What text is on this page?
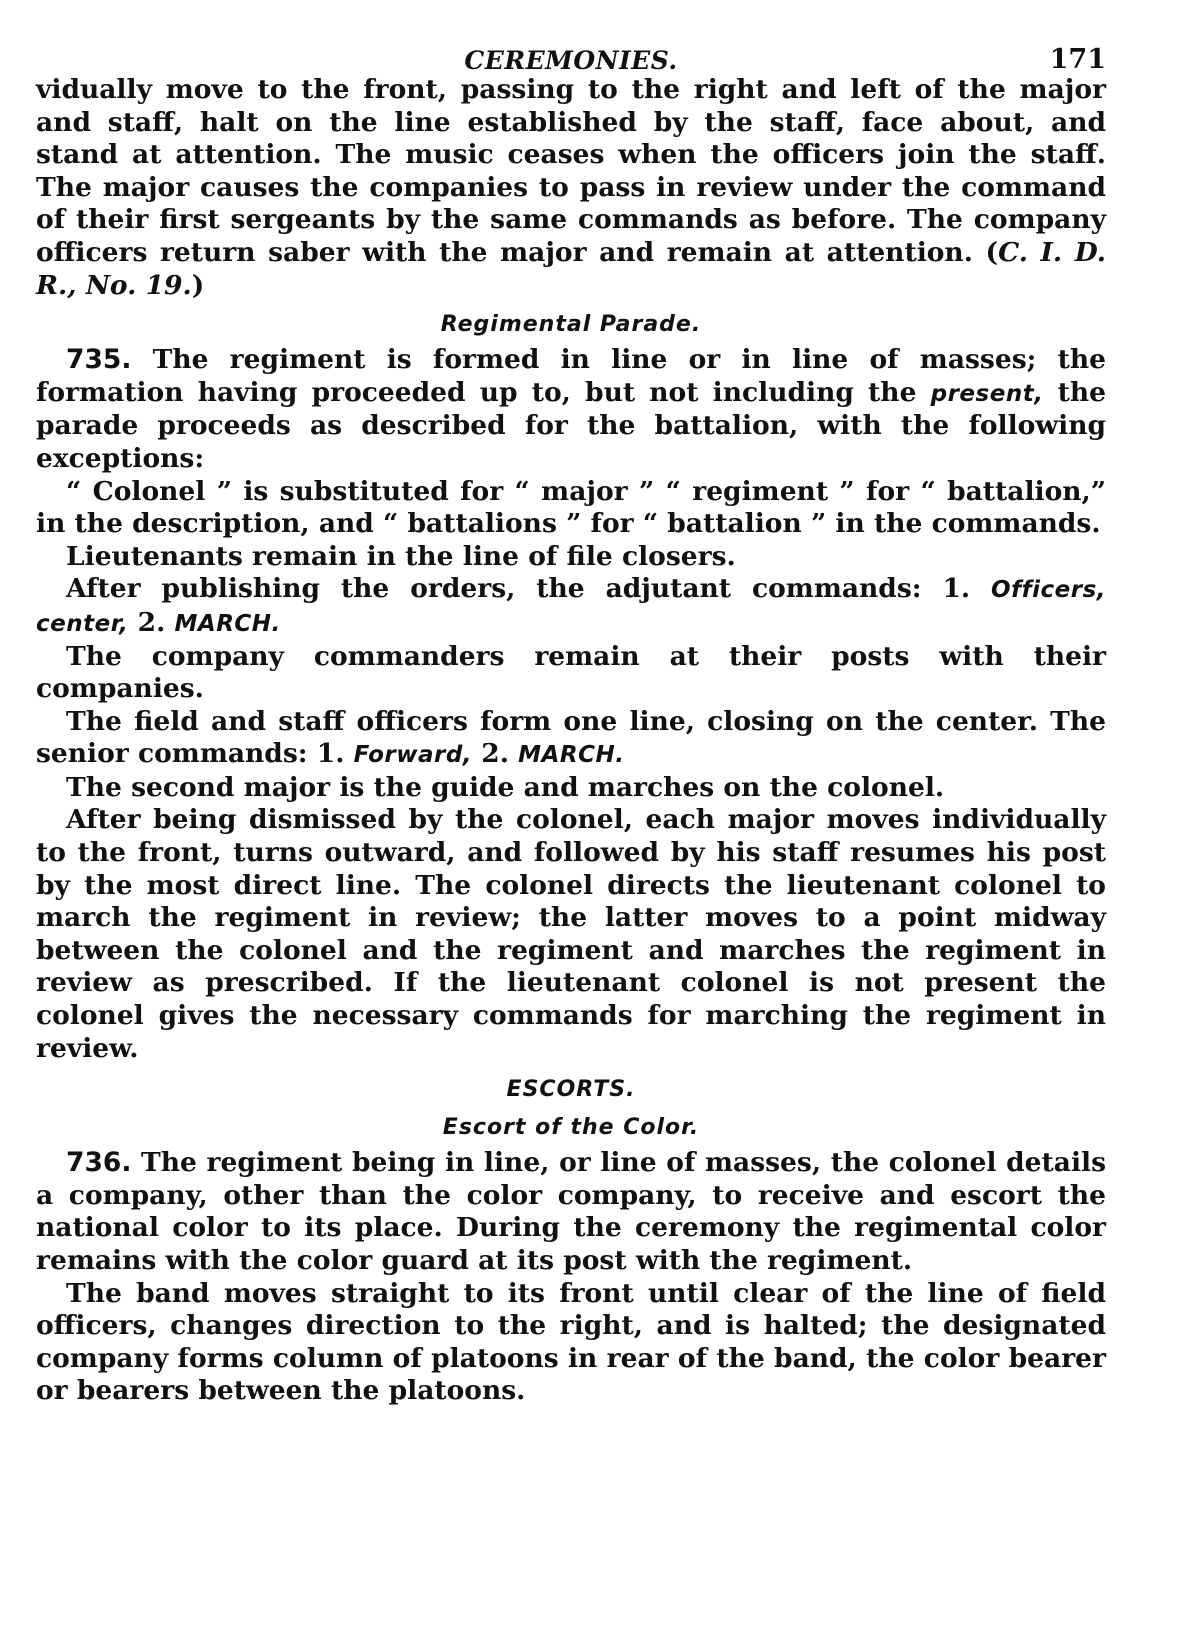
CEREMONIES.	171

vidually move to the front, passing to the right and left of the major and staff, halt on the line established by the staff, face about, and stand at attention. The music ceases when the officers join the staff. The major causes the companies to pass in review under the command of their first sergeants by the same commands as before. The company officers return saber with the major and remain at attention. (C. I. D. R., No. 19.)

Regimental Parade.

735. The regiment is formed in line or in line of masses; the formation having proceeded up to, but not including the present, the parade proceeds as described for the battalion, with the following exceptions:

“ Colonel ” is substituted for “ major ” “ regiment ” for “ battalion,” in the description, and “ battalions ” for “ battalion ” in the commands.

Lieutenants remain in the line of file closers.

After publishing the orders, the adjutant commands: 1. Officers, center, 2. MARCH.

The company commanders remain at their posts with their companies.

The field and staff officers form one line, closing on the center. The senior commands: 1. Forward, 2. MARCH.

The second major is the guide and marches on the colonel.

After being dismissed by the colonel, each major moves individually to the front, turns outward, and followed by his staff resumes his post by the most direct line. The colonel directs the lieutenant colonel to march the regiment in review; the latter moves to a point midway between the colonel and the regiment and marches the regiment in review as prescribed. If the lieutenant colonel is not present the colonel gives the necessary commands for marching the regiment in review.

ESCORTS.
Escort of the Color.

736. The regiment being in line, or line of masses, the colonel details a company, other than the color company, to receive and escort the national color to its place. During the ceremony the regimental color remains with the color guard at its post with the regiment.

The band moves straight to its front until clear of the line of field officers, changes direction to the right, and is halted; the designated company forms column of platoons in rear of the band, the color bearer or bearers between the platoons.
